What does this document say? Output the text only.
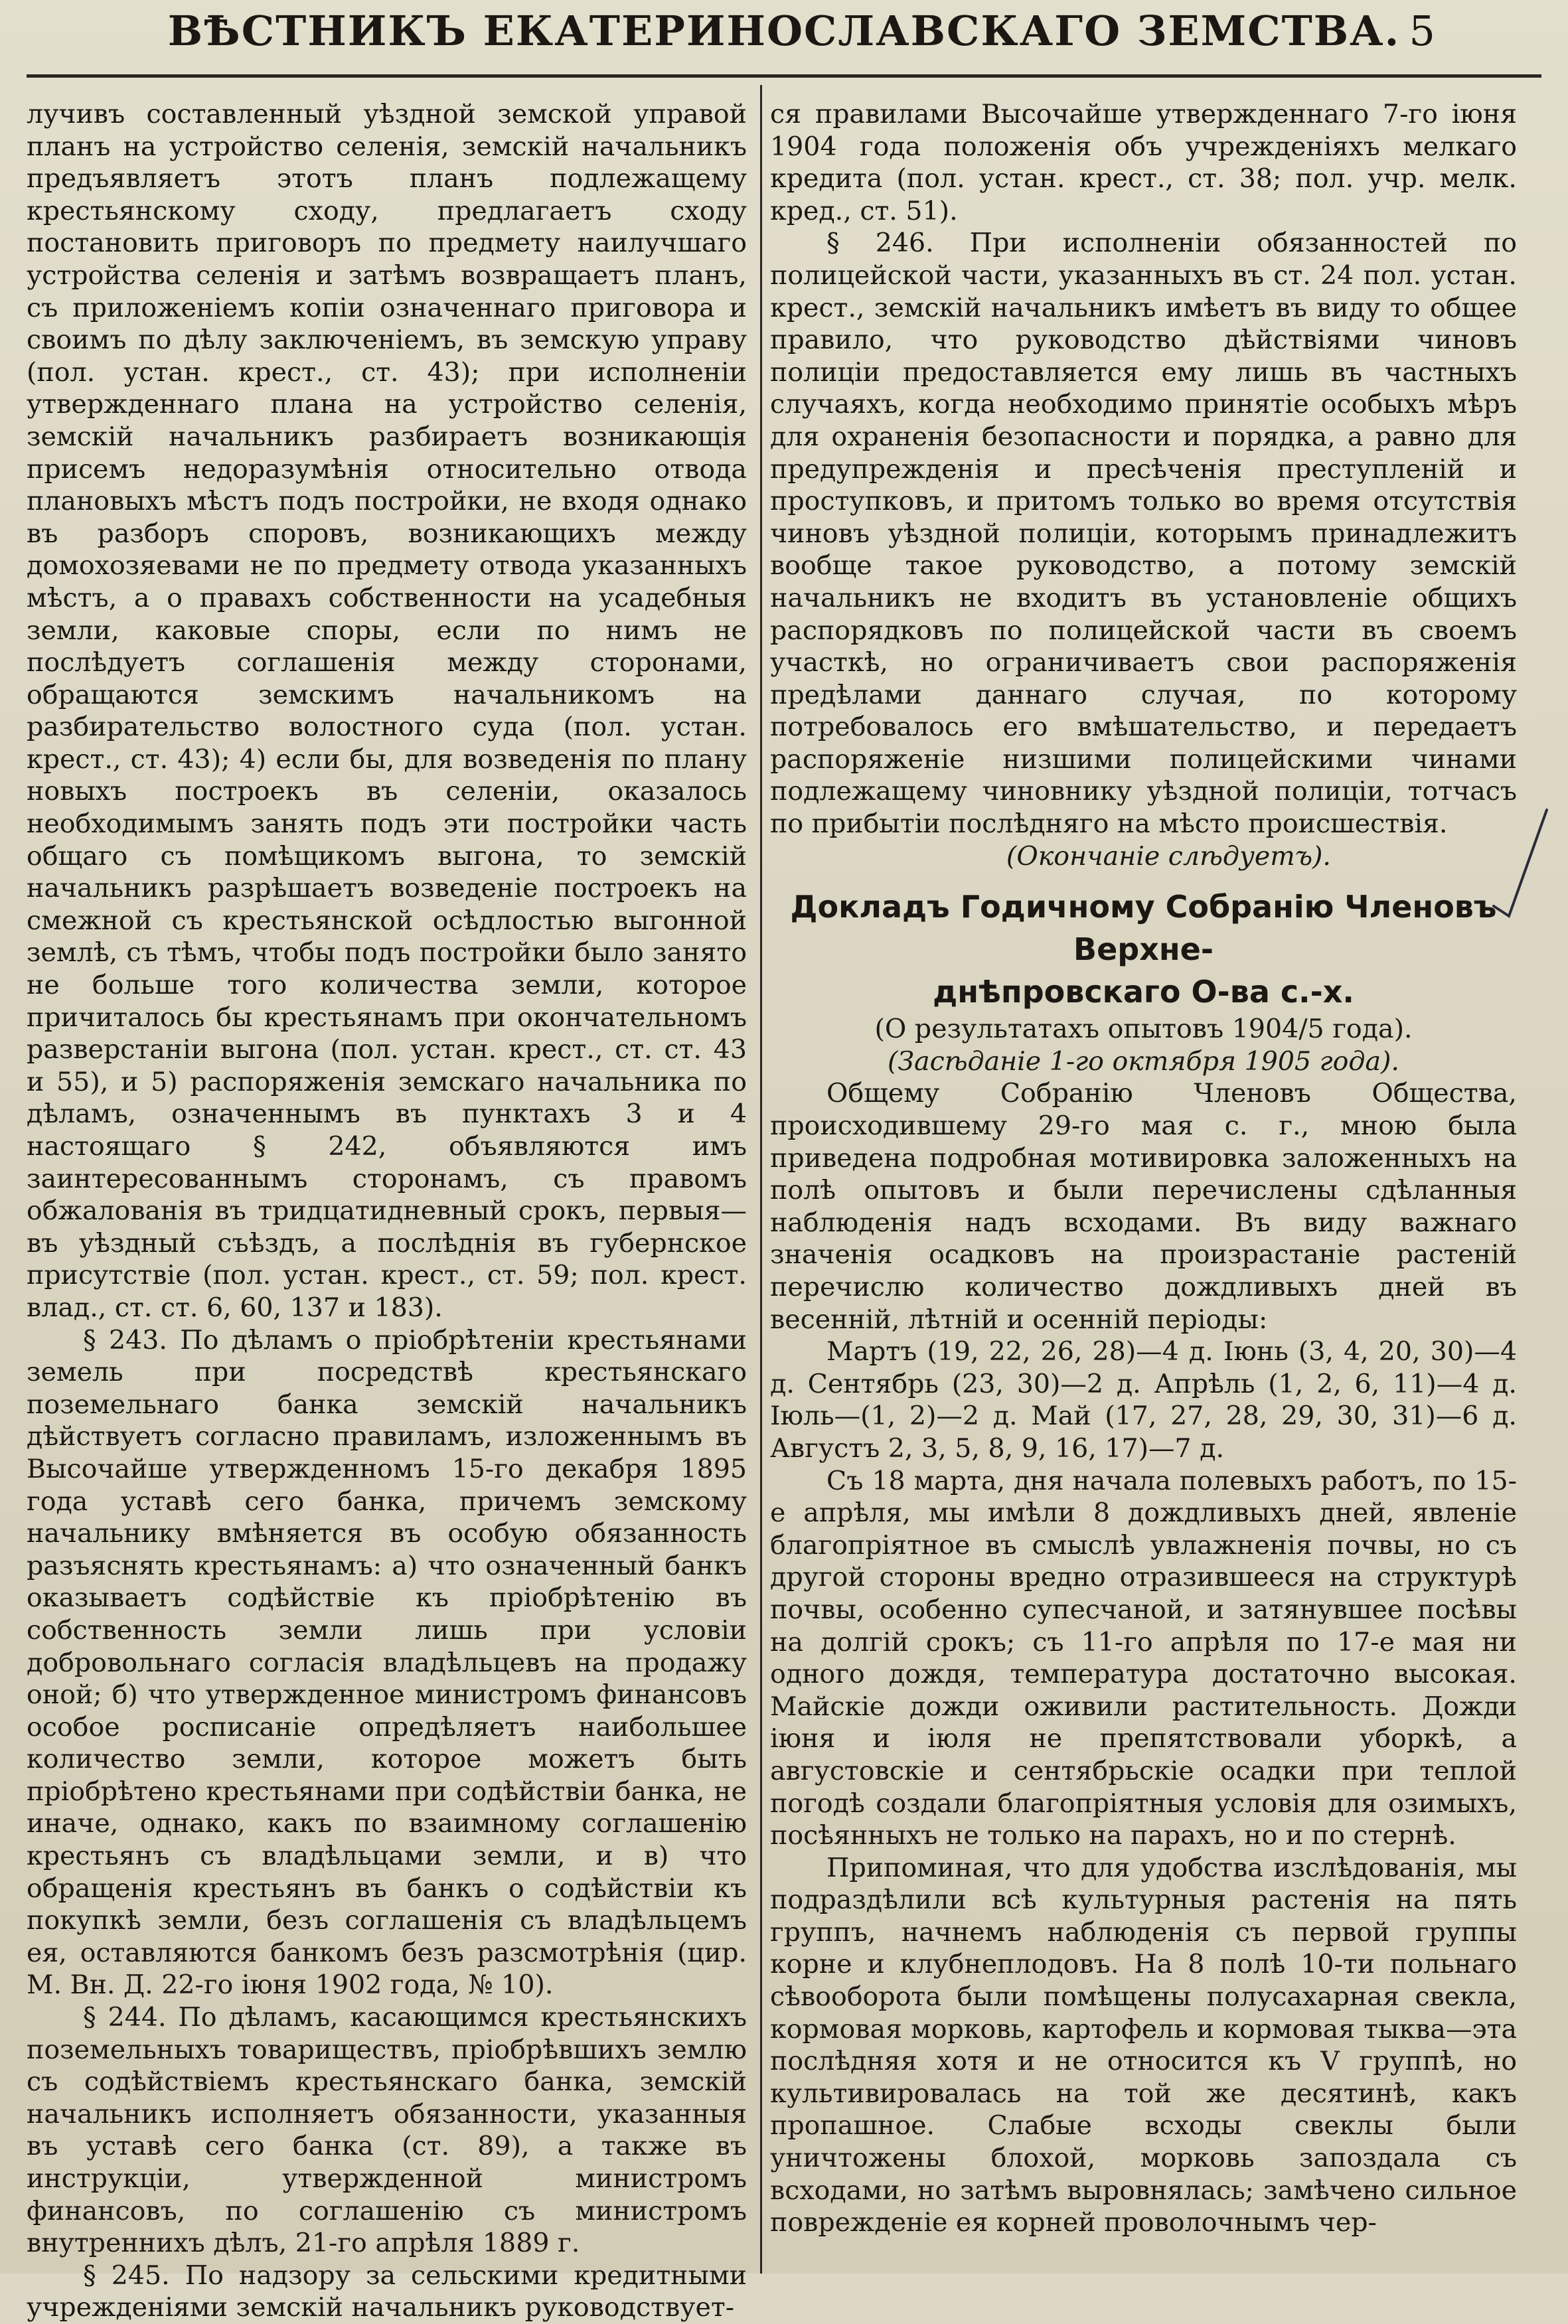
ВѢСТНИКЪ ЕКАТЕРИНОСЛАВСКАГО ЗЕМСТВА. 5

лучивъ составленный уѣздной земской управой планъ на устройство селенія, земскій начальникъ предъявляетъ этотъ планъ подлежащему крестьянскому сходу, предлагаетъ сходу постановить приговоръ по предмету наилучшаго устройства селенія и затѣмъ возвращаетъ планъ, съ приложеніемъ копіи означеннаго приговора и своимъ по дѣлу заключеніемъ, въ земскую управу (пол. устан. крест., ст. 43); при исполненіи утвержденнаго плана на устройство селенія, земскій начальникъ разбираетъ возникающія присемъ недоразумѣнія относительно отвода плановыхъ мѣстъ подъ постройки, не входя однако въ разборъ споровъ, возникающихъ между домохозяевами не по предмету отвода указанныхъ мѣстъ, а о правахъ собственности на усадебныя земли, каковые споры, если по нимъ не послѣдуетъ соглашенія между сторонами, обращаются земскимъ начальникомъ на разбирательство волостного суда (пол. устан. крест., ст. 43); 4) если бы, для возведенія по плану новыхъ построекъ въ селеніи, оказалось необходимымъ занять подъ эти постройки часть общаго съ помѣщикомъ выгона, то земскій начальникъ разрѣшаетъ возведеніе построекъ на смежной съ крестьянской осѣдлостью выгонной землѣ, съ тѣмъ, чтобы подъ постройки было занято не больше того количества земли, которое причиталось бы крестьянамъ при окончательномъ разверстаніи выгона (пол. устан. крест., ст. ст. 43 и 55), и 5) распоряженія земскаго начальника по дѣламъ, означеннымъ въ пунктахъ 3 и 4 настоящаго § 242, объявляются имъ заинтересованнымъ сторонамъ, съ правомъ обжалованія въ тридцатидневный срокъ, первыя—въ уѣздный съѣздъ, а послѣднія въ губернское присутствіе (пол. устан. крест., ст. 59; пол. крест. влад., ст. ст. 6, 60, 137 и 183).

§ 243. По дѣламъ о пріобрѣтеніи крестьянами земель при посредствѣ крестьянскаго поземельнаго банка земскій начальникъ дѣйствуетъ согласно правиламъ, изложеннымъ въ Высочайше утвержденномъ 15-го декабря 1895 года уставѣ сего банка, причемъ земскому начальнику вмѣняется въ особую обязанность разъяснять крестьянамъ: а) что означенный банкъ оказываетъ содѣйствіе къ пріобрѣтенію въ собственность земли лишь при условіи добровольнаго согласія владѣльцевъ на продажу оной; б) что утвержденное министромъ финансовъ особое росписаніе опредѣляетъ наибольшее количество земли, которое можетъ быть пріобрѣтено крестьянами при содѣйствіи банка, не иначе, однако, какъ по взаимному соглашенію крестьянъ съ владѣльцами земли, и в) что обращенія крестьянъ въ банкъ о содѣйствіи къ покупкѣ земли, безъ соглашенія съ владѣльцемъ ея, оставляются банкомъ безъ разсмотрѣнія (цир. М. Вн. Д. 22-го іюня 1902 года, № 10).

§ 244. По дѣламъ, касающимся крестьянскихъ поземельныхъ товариществъ, пріобрѣвшихъ землю съ содѣйствіемъ крестьянскаго банка, земскій начальникъ исполняетъ обязанности, указанныя въ уставѣ сего банка (ст. 89), а также въ инструкціи, утвержденной министромъ финансовъ, по соглашенію съ министромъ внутреннихъ дѣлъ, 21-го апрѣля 1889 г.

§ 245. По надзору за сельскими кредитными учрежденіями земскій начальникъ руководствует-

ся правилами Высочайше утвержденнаго 7-го іюня 1904 года положенія объ учрежденіяхъ мелкаго кредита (пол. устан. крест., ст. 38; пол. учр. мелк. кред., ст. 51).

§ 246. При исполненіи обязанностей по полицейской части, указанныхъ въ ст. 24 пол. устан. крест., земскій начальникъ имѣетъ въ виду то общее правило, что руководство дѣйствіями чиновъ полиціи предоставляется ему лишь въ частныхъ случаяхъ, когда необходимо принятіе особыхъ мѣръ для охраненія безопасности и порядка, а равно для предупрежденія и пресѣченія преступленій и проступковъ, и притомъ только во время отсутствія чиновъ уѣздной полиціи, которымъ принадлежитъ вообще такое руководство, а потому земскій начальникъ не входитъ въ установленіе общихъ распорядковъ по полицейской части въ своемъ участкѣ, но ограничиваетъ свои распоряженія предѣлами даннаго случая, по которому потребовалось его вмѣшательство, и передаетъ распоряженіе низшими полицейскими чинами подлежащему чиновнику уѣздной полиціи, тотчасъ по прибытіи послѣдняго на мѣсто происшествія.

(Окончаніе слѣдуетъ).

Докладъ Годичному Собранію Членовъ Верхне-
днѣпровскаго О-ва с.-х.

(О результатахъ опытовъ 1904/5 года).

(Засѣданіе 1-го октября 1905 года).

Общему Собранію Членовъ Общества, происходившему 29-го мая с. г., мною была приведена подробная мотивировка заложенныхъ на полѣ опытовъ и были перечислены сдѣланныя наблюденія надъ всходами. Въ виду важнаго значенія осадковъ на произрастаніе растеній перечислю количество дождливыхъ дней въ весенній, лѣтній и осенній періоды:

Мартъ (19, 22, 26, 28)—4 д. Іюнь (3, 4, 20, 30)—4 д. Сентябрь (23, 30)—2 д. Апрѣль (1, 2, 6, 11)—4 д. Іюль—(1, 2)—2 д. Май (17, 27, 28, 29, 30, 31)—6 д. Августъ 2, 3, 5, 8, 9, 16, 17)—7 д.

Съ 18 марта, дня начала полевыхъ работъ, по 15-е апрѣля, мы имѣли 8 дождливыхъ дней, явленіе благопріятное въ смыслѣ увлажненія почвы, но съ другой стороны вредно отразившееся на структурѣ почвы, особенно супесчаной, и затянувшее посѣвы на долгій срокъ; съ 11-го апрѣля по 17-е мая ни одного дождя, температура достаточно высокая. Майскіе дожди оживили растительность. Дожди іюня и іюля не препятствовали уборкѣ, а августовскіе и сентябрьскіе осадки при теплой погодѣ создали благопріятныя условія для озимыхъ, посѣянныхъ не только на парахъ, но и по стернѣ.

Припоминая, что для удобства изслѣдованія, мы подраздѣлили всѣ культурныя растенія на пять группъ, начнемъ наблюденія съ первой группы корне и клубнеплодовъ. На 8 полѣ 10-ти польнаго сѣвооборота были помѣщены полусахарная свекла, кормовая морковь, картофель и кормовая тыква—эта послѣдняя хотя и не относится къ V группѣ, но культивировалась на той же десятинѣ, какъ пропашное. Слабые всходы свеклы были уничтожены блохой, морковь запоздала съ всходами, но затѣмъ выровнялась; замѣчено сильное поврежденіе ея корней проволочнымъ чер-
